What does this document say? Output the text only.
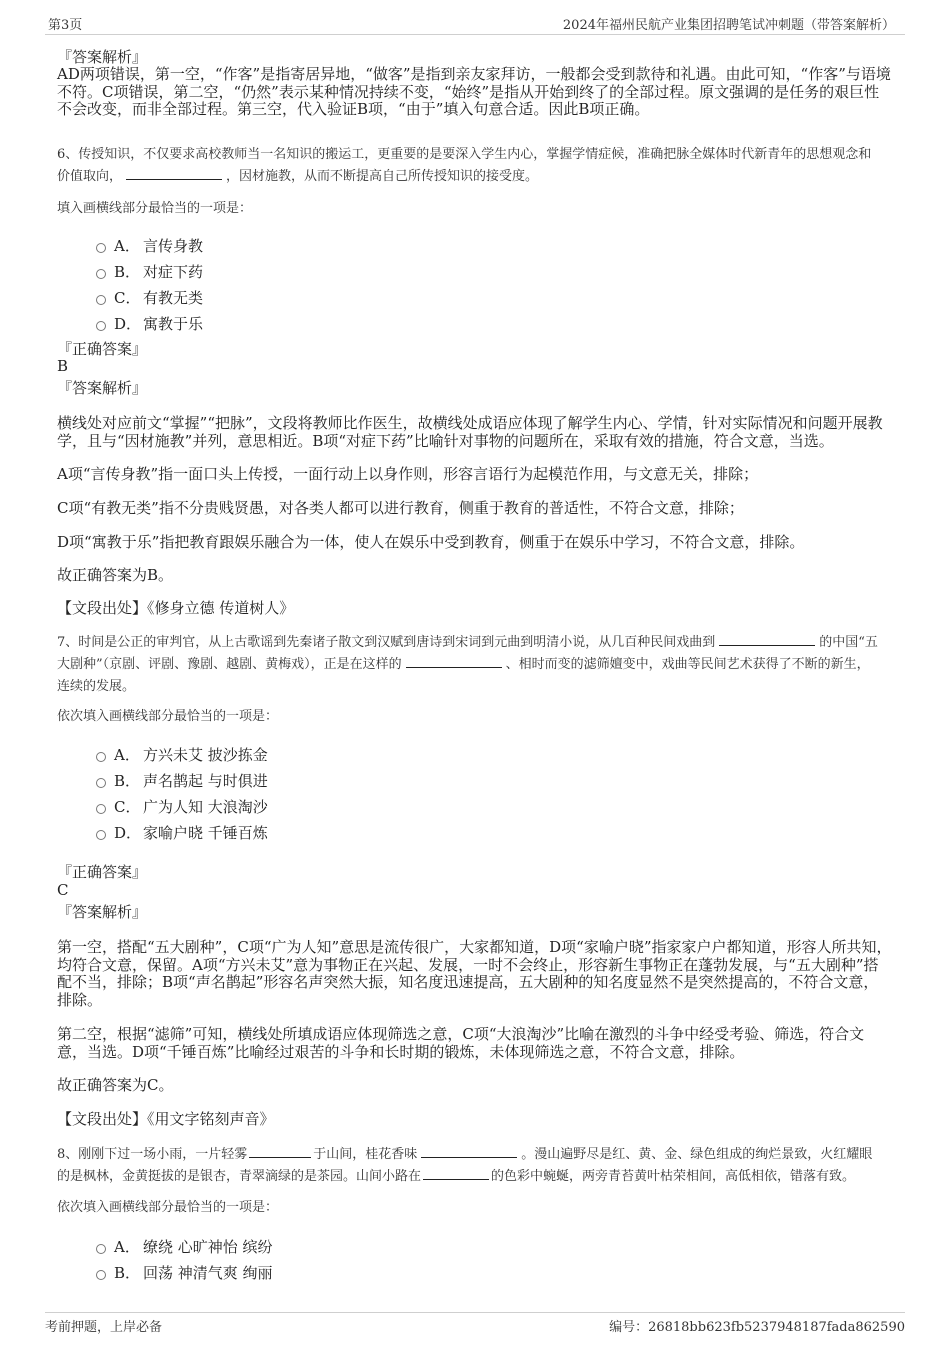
第3页	2024年福州民航产业集团招聘笔试冲刺题（带答案解析）
『答案解析』
AD两项错误，第一空，“作客”是指寄居异地，“做客”是指到亲友家拜访，一般都会受到款待和礼遇。由此可知，“作客”与语境
不符。C项错误，第二空，“仍然”表示某种情况持续不变，“始终”是指从开始到终了的全部过程。原文强调的是任务的艰巨性
不会改变，而非全部过程。第三空，代入验证B项，“由于”填入句意合适。因此B项正确。
6、传授知识，不仅要求高校教师当一名知识的搬运工，更重要的是要深入学生内心，掌握学情症候，准确把脉全媒体时代新青年的思想观念和
价值取向，	，因材施教，从而不断提高自己所传授知识的接受度。
填入画横线部分最恰当的一项是：
A． 言传身教
B． 对症下药
C． 有教无类
D． 寓教于乐
『正确答案』
B
『答案解析』
横线处对应前文“掌握”“把脉”，文段将教师比作医生，故横线处成语应体现了解学生内心、学情，针对实际情况和问题开展教
学，且与“因材施教”并列，意思相近。B项“对症下药”比喻针对事物的问题所在，采取有效的措施，符合文意，当选。
A项“言传身教”指一面口头上传授，一面行动上以身作则，形容言语行为起模范作用，与文意无关，排除；
C项“有教无类”指不分贵贱贤愚，对各类人都可以进行教育，侧重于教育的普适性，不符合文意，排除；
D项“寓教于乐”指把教育跟娱乐融合为一体，使人在娱乐中受到教育，侧重于在娱乐中学习，不符合文意，排除。
故正确答案为B。
【文段出处】《修身立德 传道树人》
7、时间是公正的审判官，从上古歌谣到先秦诸子散文到汉赋到唐诗到宋词到元曲到明清小说，从几百种民间戏曲到	的中国“五
大剧种”（京剧、评剧、豫剧、越剧、黄梅戏），正是在这样的	、相时而变的滤筛嬗变中，戏曲等民间艺术获得了不断的新生，
连续的发展。
依次填入画横线部分最恰当的一项是：
A． 方兴未艾 披沙拣金
B． 声名鹊起 与时俱进
C． 广为人知 大浪淘沙
D． 家喻户晓 千锤百炼
『正确答案』
C
『答案解析』
第一空，搭配“五大剧种”，C项“广为人知”意思是流传很广，大家都知道，D项“家喻户晓”指家家户户都知道，形容人所共知，
均符合文意，保留。A项“方兴未艾”意为事物正在兴起、发展，一时不会终止，形容新生事物正在蓬勃发展，与“五大剧种”搭
配不当，排除；B项“声名鹊起”形容名声突然大振，知名度迅速提高，五大剧种的知名度显然不是突然提高的，不符合文意，
排除。
第二空，根据“滤筛”可知，横线处所填成语应体现筛选之意，C项“大浪淘沙”比喻在激烈的斗争中经受考验、筛选，符合文
意，当选。D项“千锤百炼”比喻经过艰苦的斗争和长时期的锻炼，未体现筛选之意，不符合文意，排除。
故正确答案为C。
【文段出处】《用文字铭刻声音》
8、刚刚下过一场小雨，一片轻雾	于山间，桂花香味	。漫山遍野尽是红、黄、金、绿色组成的绚烂景致，火红耀眼
的是枫林，金黄挺拔的是银杏，青翠滴绿的是茶园。山间小路在	的色彩中蜿蜒，两旁青苔黄叶枯荣相间，高低相依，错落有致。
依次填入画横线部分最恰当的一项是：
A． 缭绕 心旷神怡 缤纷
B． 回荡 神清气爽 绚丽
考前押题，上岸必备	编号：26818bb623fb5237948187fada862590
